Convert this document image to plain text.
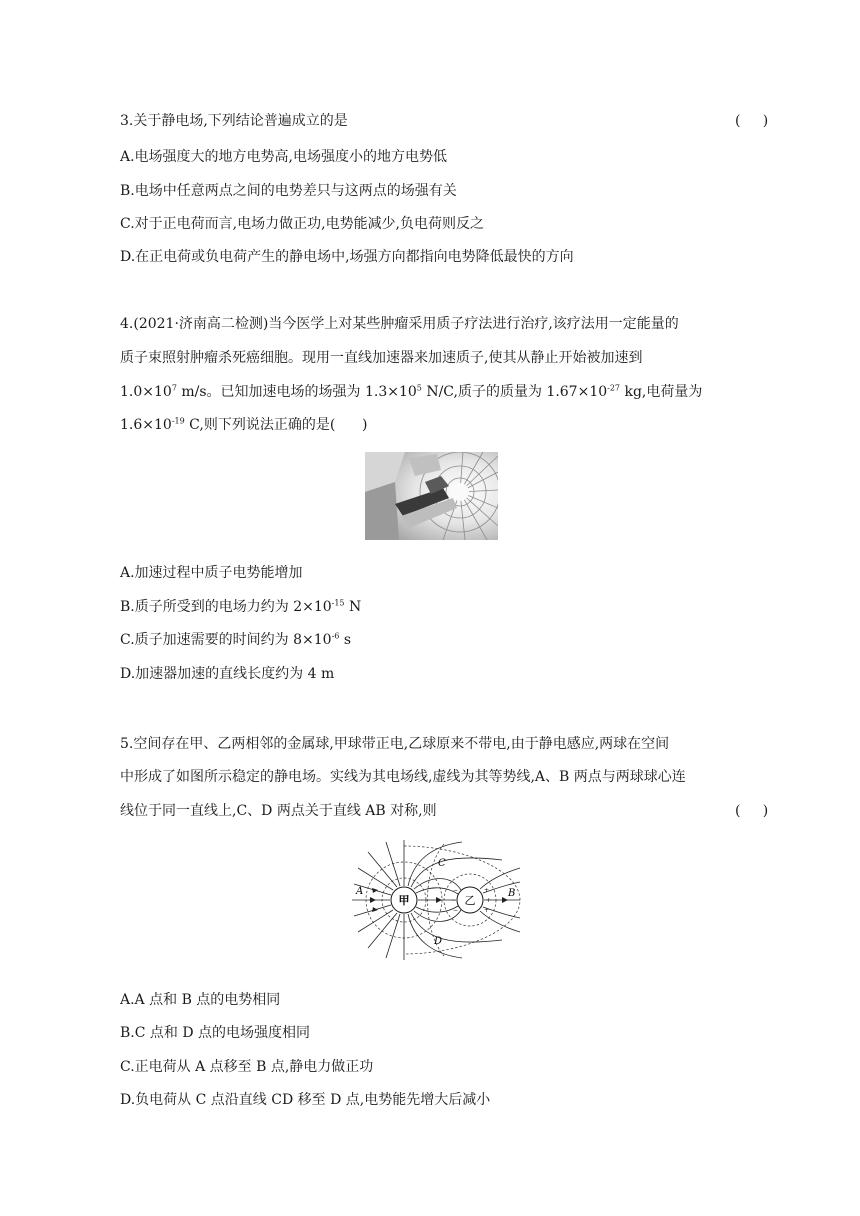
3.关于静电场,下列结论普遍成立的是	(     )
A.电场强度大的地方电势高,电场强度小的地方电势低
B.电场中任意两点之间的电势差只与这两点的场强有关
C.对于正电荷而言,电场力做正功,电势能减少,负电荷则反之
D.在正电荷或负电荷产生的静电场中,场强方向都指向电势降低最快的方向
4.(2021·济南高二检测)当今医学上对某些肿瘤采用质子疗法进行治疗,该疗法用一定能量的
质子束照射肿瘤杀死癌细胞。现用一直线加速器来加速质子,使其从静止开始被加速到
$1.0\times 10^7$ m/s。已知加速电场的场强为 $1.3\times 10^5$ N/C,质子的质量为 $1.67\times 10^{-27}$ kg,电荷量为
$1.6\times 10^{-19}$ C,则下列说法正确的是(      )
A.加速过程中质子电势能增加
B.质子所受到的电场力约为 $2\times 10^{-15}$ N
C.质子加速需要的时间约为 $8\times 10^{-6}$ s
D.加速器加速的直线长度约为 4 m
5.空间存在甲、乙两相邻的金属球,甲球带正电,乙球原来不带电,由于静电感应,两球在空间
中形成了如图所示稳定的静电场。实线为其电场线,虚线为其等势线,A、B 两点与两球球心连
线位于同一直线上,C、D 两点关于直线 AB 对称,则	(     )
−
−
−
+
+
+
甲	乙
A	B
C
D
A.A 点和 B 点的电势相同
B.C 点和 D 点的电场强度相同
C.正电荷从 A 点移至 B 点,静电力做正功
D.负电荷从 C 点沿直线 CD 移至 D 点,电势能先增大后减小
